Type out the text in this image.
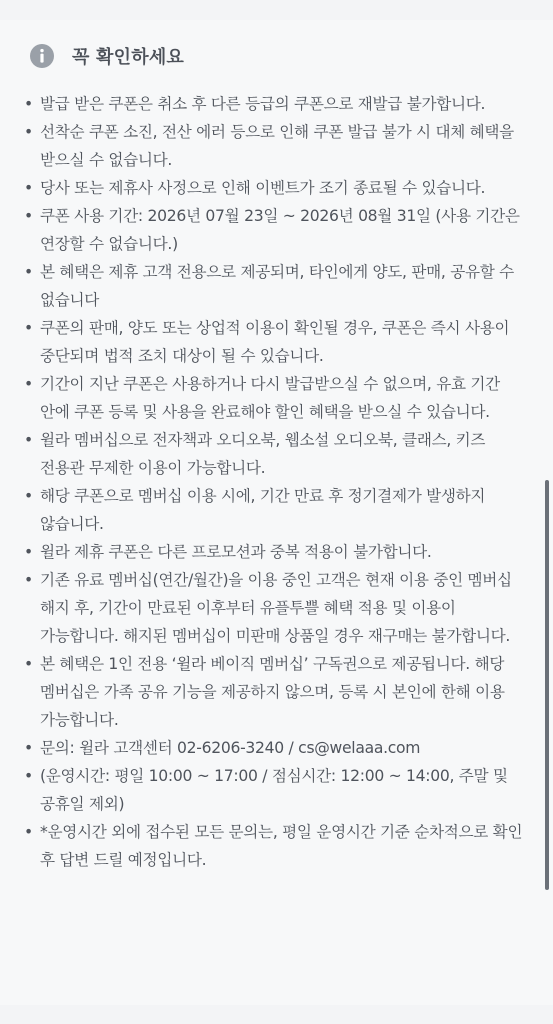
꼭 확인하세요
• 발급 받은 쿠폰은 취소 후 다른 등급의 쿠폰으로 재발급 불가합니다.
• 선착순 쿠폰 소진, 전산 에러 등으로 인해 쿠폰 발급 불가 시 대체 혜택을 받으실 수 없습니다.
• 당사 또는 제휴사 사정으로 인해 이벤트가 조기 종료될 수 있습니다.
• 쿠폰 사용 기간: 2026년 07월 23일 ~ 2026년 08월 31일 (사용 기간은 연장할 수 없습니다.)
• 본 혜택은 제휴 고객 전용으로 제공되며, 타인에게 양도, 판매, 공유할 수 없습니다
• 쿠폰의 판매, 양도 또는 상업적 이용이 확인될 경우, 쿠폰은 즉시 사용이 중단되며 법적 조치 대상이 될 수 있습니다.
• 기간이 지난 쿠폰은 사용하거나 다시 발급받으실 수 없으며, 유효 기간 안에 쿠폰 등록 및 사용을 완료해야 할인 혜택을 받으실 수 있습니다.
• 윌라 멤버십으로 전자책과 오디오북, 웹소설 오디오북, 클래스, 키즈 전용관 무제한 이용이 가능합니다.
• 해당 쿠폰으로 멤버십 이용 시에, 기간 만료 후 정기결제가 발생하지 않습니다.
• 윌라 제휴 쿠폰은 다른 프로모션과 중복 적용이 불가합니다.
• 기존 유료 멤버십(연간/월간)을 이용 중인 고객은 현재 이용 중인 멤버십 해지 후, 기간이 만료된 이후부터 유플투쁠 혜택 적용 및 이용이 가능합니다. 해지된 멤버십이 미판매 상품일 경우 재구매는 불가합니다.
• 본 혜택은 1인 전용 ‘윌라 베이직 멤버십’ 구독권으로 제공됩니다. 해당 멤버십은 가족 공유 기능을 제공하지 않으며, 등록 시 본인에 한해 이용 가능합니다.
• 문의: 윌라 고객센터 02-6206-3240 / cs@welaaa.com
• (운영시간: 평일 10:00 ~ 17:00 / 점심시간: 12:00 ~ 14:00, 주말 및 공휴일 제외)
• *운영시간 외에 접수된 모든 문의는, 평일 운영시간 기준 순차적으로 확인 후 답변 드릴 예정입니다.
